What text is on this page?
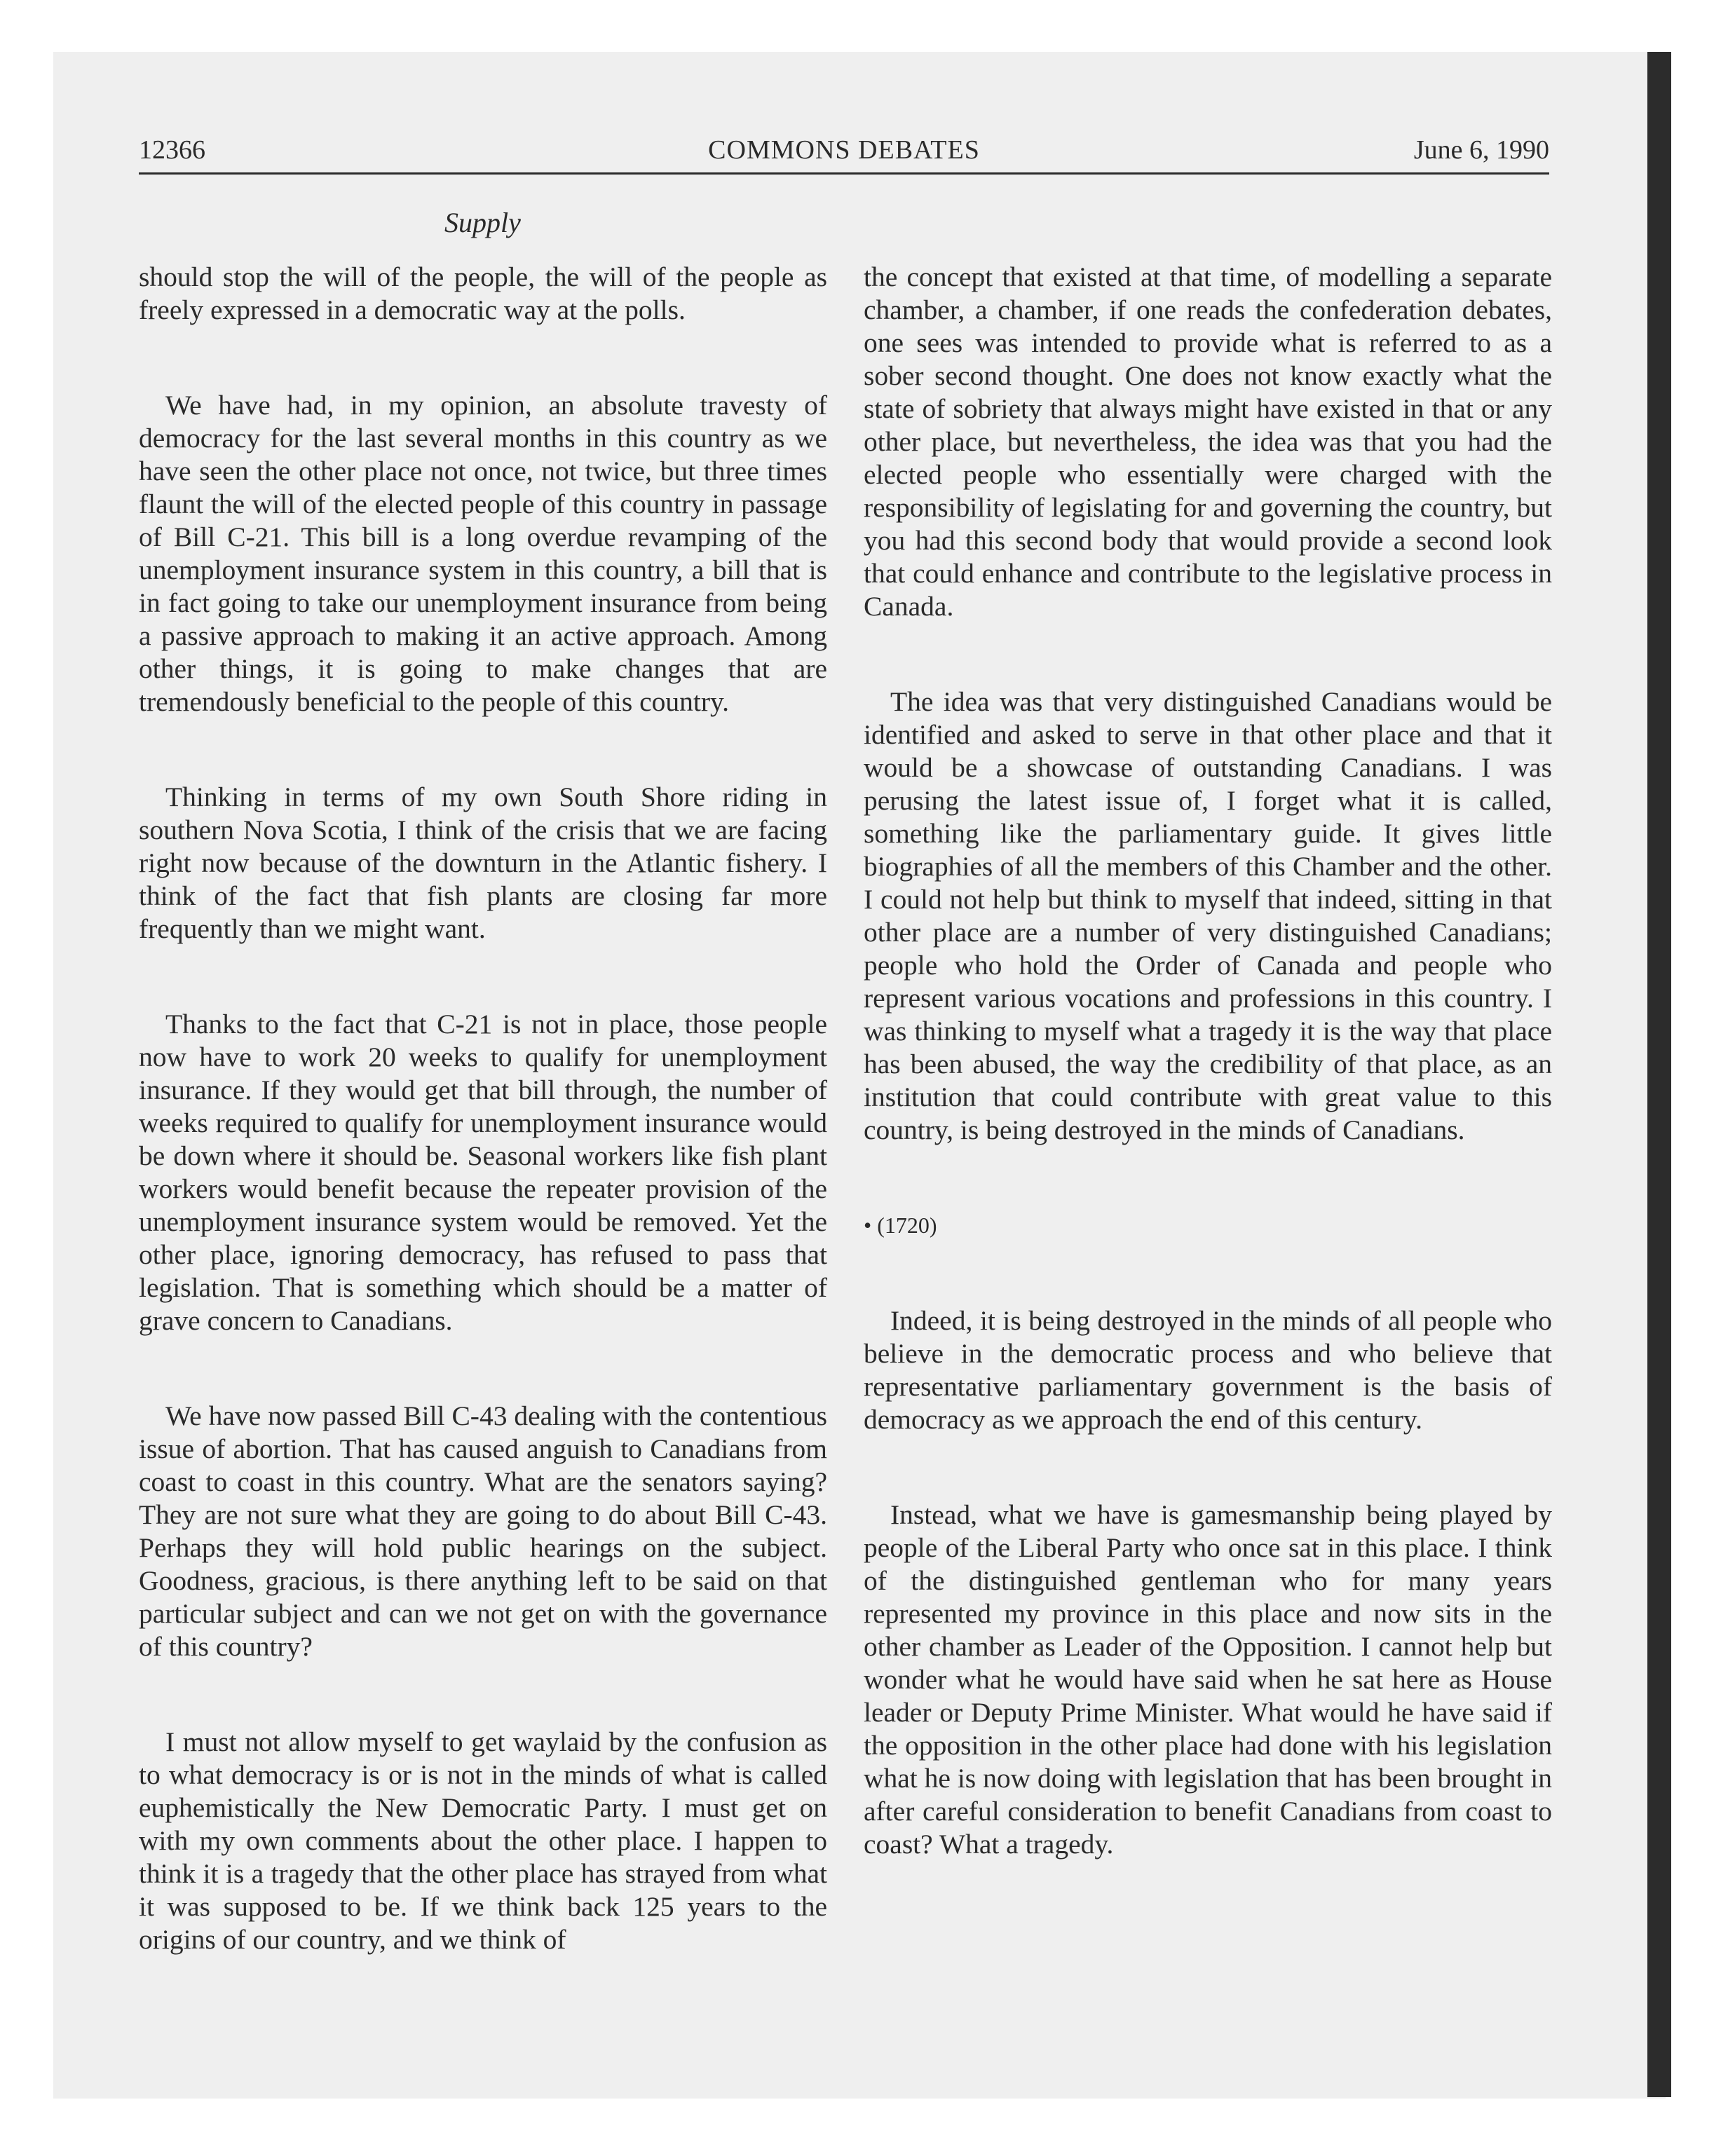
12366	COMMONS DEBATES	June 6, 1990
Supply

should stop the will of the people, the will of the people as freely expressed in a democratic way at the polls.

We have had, in my opinion, an absolute travesty of democracy for the last several months in this country as we have seen the other place not once, not twice, but three times flaunt the will of the elected people of this country in passage of Bill C-21. This bill is a long overdue revamping of the unemployment insurance system in this country, a bill that is in fact going to take our unemployment insurance from being a passive approach to making it an active approach. Among other things, it is going to make changes that are tremendously beneficial to the people of this country.

Thinking in terms of my own South Shore riding in southern Nova Scotia, I think of the crisis that we are facing right now because of the downturn in the Atlantic fishery. I think of the fact that fish plants are closing far more frequently than we might want.

Thanks to the fact that C-21 is not in place, those people now have to work 20 weeks to qualify for unemployment insurance. If they would get that bill through, the number of weeks required to qualify for unemployment insurance would be down where it should be. Seasonal workers like fish plant workers would benefit because the repeater provision of the unemployment insurance system would be removed. Yet the other place, ignoring democracy, has refused to pass that legislation. That is something which should be a matter of grave concern to Canadians.

We have now passed Bill C-43 dealing with the contentious issue of abortion. That has caused anguish to Canadians from coast to coast in this country. What are the senators saying? They are not sure what they are going to do about Bill C-43. Perhaps they will hold public hearings on the subject. Goodness, gracious, is there anything left to be said on that particular subject and can we not get on with the governance of this country?

I must not allow myself to get waylaid by the confusion as to what democracy is or is not in the minds of what is called euphemistically the New Democratic Party. I must get on with my own comments about the other place. I happen to think it is a tragedy that the other place has strayed from what it was supposed to be. If we think back 125 years to the origins of our country, and we think of

the concept that existed at that time, of modelling a separate chamber, a chamber, if one reads the confederation debates, one sees was intended to provide what is referred to as a sober second thought. One does not know exactly what the state of sobriety that always might have existed in that or any other place, but nevertheless, the idea was that you had the elected people who essentially were charged with the responsibility of legislating for and governing the country, but you had this second body that would provide a second look that could enhance and contribute to the legislative process in Canada.

The idea was that very distinguished Canadians would be identified and asked to serve in that other place and that it would be a showcase of outstanding Canadians. I was perusing the latest issue of, I forget what it is called, something like the parliamentary guide. It gives little biographies of all the members of this Chamber and the other. I could not help but think to myself that indeed, sitting in that other place are a number of very distinguished Canadians; people who hold the Order of Canada and people who represent various vocations and professions in this country. I was thinking to myself what a tragedy it is the way that place has been abused, the way the credibility of that place, as an institution that could contribute with great value to this country, is being destroyed in the minds of Canadians.

• (1720)

Indeed, it is being destroyed in the minds of all people who believe in the democratic process and who believe that representative parliamentary government is the basis of democracy as we approach the end of this century.

Instead, what we have is gamesmanship being played by people of the Liberal Party who once sat in this place. I think of the distinguished gentleman who for many years represented my province in this place and now sits in the other chamber as Leader of the Opposition. I cannot help but wonder what he would have said when he sat here as House leader or Deputy Prime Minister. What would he have said if the opposition in the other place had done with his legislation what he is now doing with legislation that has been brought in after careful consideration to benefit Canadians from coast to coast? What a tragedy.
